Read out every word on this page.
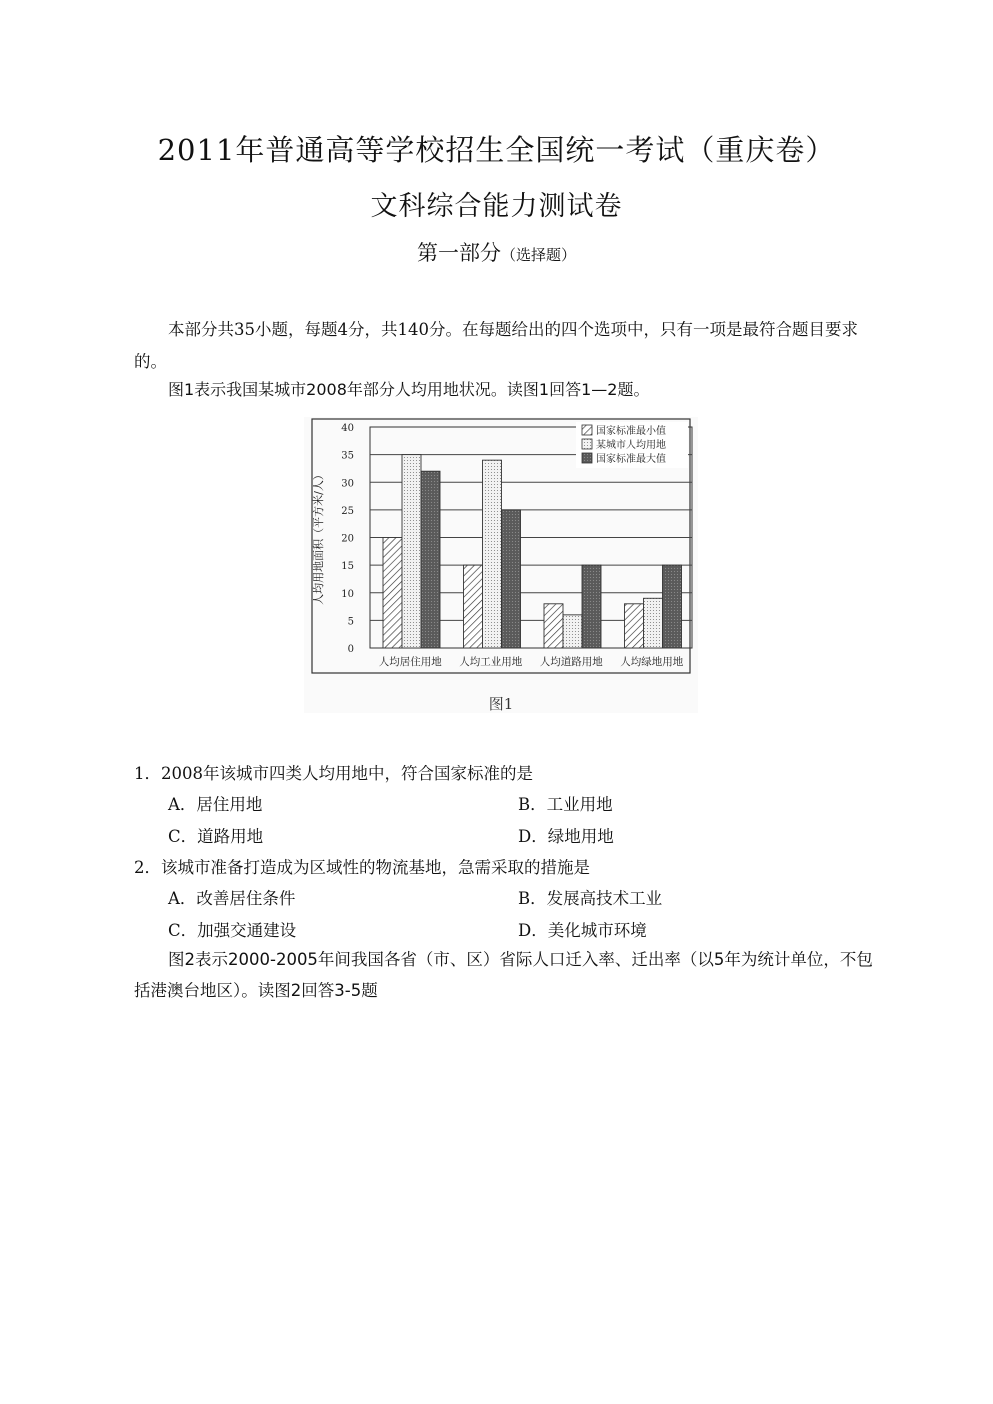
2011年普通高等学校招生全国统一考试（重庆卷）
文科综合能力测试卷
第一部分（选择题）
本部分共35小题，每题4分，共140分。在每题给出的四个选项中，只有一项是最符合题目要求的。
图1表示我国某城市2008年部分人均用地状况。读图1回答1—2题。
0
5
10
15
20
25
30
35
40
人均居住用地 人均工业用地 人均道路用地 人均绿地用地
国家标准最小值
某城市人均用地
国家标准最大值
人均用地面积（平方米/人）
图1
1．2008年该城市四类人均用地中，符合国家标准的是
A．居住用地	B．工业用地
C．道路用地	D．绿地用地
2．该城市准备打造成为区域性的物流基地，急需采取的措施是
A．改善居住条件	B．发展高技术工业
C．加强交通建设	D．美化城市环境
图2表示2000-2005年间我国各省（市、区）省际人口迁入率、迁出率（以5年为统计单位，不包括港澳台地区）。读图2回答3-5题
